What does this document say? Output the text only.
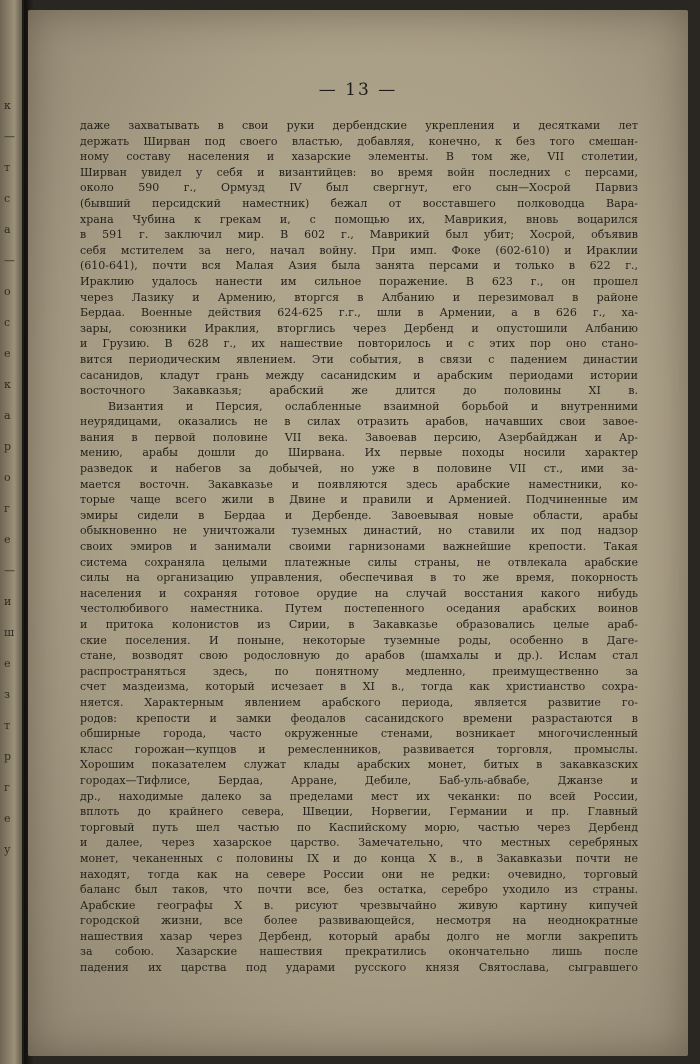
к
—
т
с
а
—
о
с
е
к
а
р
о
г
е
—
и
ш
е
з
т
р
г
е
у
— 13 —

даже захватывать в свои руки дербендские укрепления и десятками лет
держать Ширван под своего властью, добавляя, конечно, к без того смешан-
ному составу населения и хазарские элементы. В том же, VII столетии,
Ширван увидел у себя и византийцев: во время войн последних с персами,
около 590 г., Ормузд IV был свергнут, его сын—Хосрой Парвиз
(бывший персидский наместник) бежал от восставшего полководца Вара-
храна Чубина к грекам и, с помощью их, Маврикия, вновь воцарился
в 591 г. заключил мир. В 602 г., Маврикий был убит; Хосрой, объявив
себя мстителем за него, начал войну. При имп. Фоке (602-610) и Ираклии
(610-641), почти вся Малая Азия была занята персами и только в 622 г.,
Ираклию удалось нанести им сильное поражение. В 623 г., он прошел
через Лазику и Армению, вторгся в Албанию и перезимовал в районе
Бердаа. Военные действия 624-625 г.г., шли в Армении, а в 626 г., ха-
зары, союзники Ираклия, вторглись через Дербенд и опустошили Албанию
и Грузию. В 628 г., их нашествие повторилось и с этих пор оно стано-
вится периодическим явлением. Эти события, в связи с падением династии
сасанидов, кладут грань между сасанидским и арабским периодами истории
восточного Закавказья; арабский же длится до половины XI в.

Византия и Персия, ослабленные взаимной борьбой и внутренними
неурядицами, оказались не в силах отразить арабов, начавших свои завое-
вания в первой половине VII века. Завоевав персию, Азербайджан и Ар-
мению, арабы дошли до Ширвана. Их первые походы носили характер
разведок и набегов за добычей, но уже в половине VII ст., ими за-
мается восточн. Закавказье и появляются здесь арабские наместники, ко-
торые чаще всего жили в Двине и правили и Арменией. Подчиненные им
эмиры сидели в Бердаа и Дербенде. Завоевывая новые области, арабы
обыкновенно не уничтожали туземных династий, но ставили их под надзор
своих эмиров и занимали своими гарнизонами важнейшие крепости. Такая
система сохраняла целыми платежные силы страны, не отвлекала арабские
силы на организацию управления, обеспечивая в то же время, покорность
населения и сохраняя готовое орудие на случай восстания какого нибудь
честолюбивого наместника. Путем постепенного оседания арабских воинов
и притока колонистов из Сирии, в Закавказье образовались целые араб-
ские поселения. И поныне, некоторые туземные роды, особенно в Даге-
стане, возводят свою родословную до арабов (шамхалы и др.). Ислам стал
распространяться здесь, по понятному медленно, преимущественно за
счет маздеизма, который исчезает в XI в., тогда как христианство сохра-
няется. Характерным явлением арабского периода, является развитие го-
родов: крепости и замки феодалов сасанидского времени разрастаются в
обширные города, часто окруженные стенами, возникает многочисленный
класс горожан—купцов и ремесленников, развивается торговля, промыслы.
Хорошим показателем служат клады арабских монет, битых в закавказских
городах—Тифлисе, Бердаа, Арране, Дебиле, Баб-уль-абвабе, Джанзе и
др., находимые далеко за пределами мест их чеканки: по всей России,
вплоть до крайнего севера, Швеции, Норвегии, Германии и пр. Главный
торговый путь шел частью по Каспийскому морю, частью через Дербенд
и далее, через хазарское царство. Замечательно, что местных серебряных
монет, чеканенных с половины IX и до конца X в., в Закавказьи почти не
находят, тогда как на севере России они не редки: очевидно, торговый
баланс был таков, что почти все, без остатка, серебро уходило из страны.
Арабские географы X в. рисуют чрезвычайно живую картину кипучей
городской жизни, все более развивающейся, несмотря на неоднократные
нашествия хазар через Дербенд, который арабы долго не могли закрепить
за собою. Хазарские нашествия прекратились окончательно лишь после
падения их царства под ударами русского князя Святослава, сыгравшего
